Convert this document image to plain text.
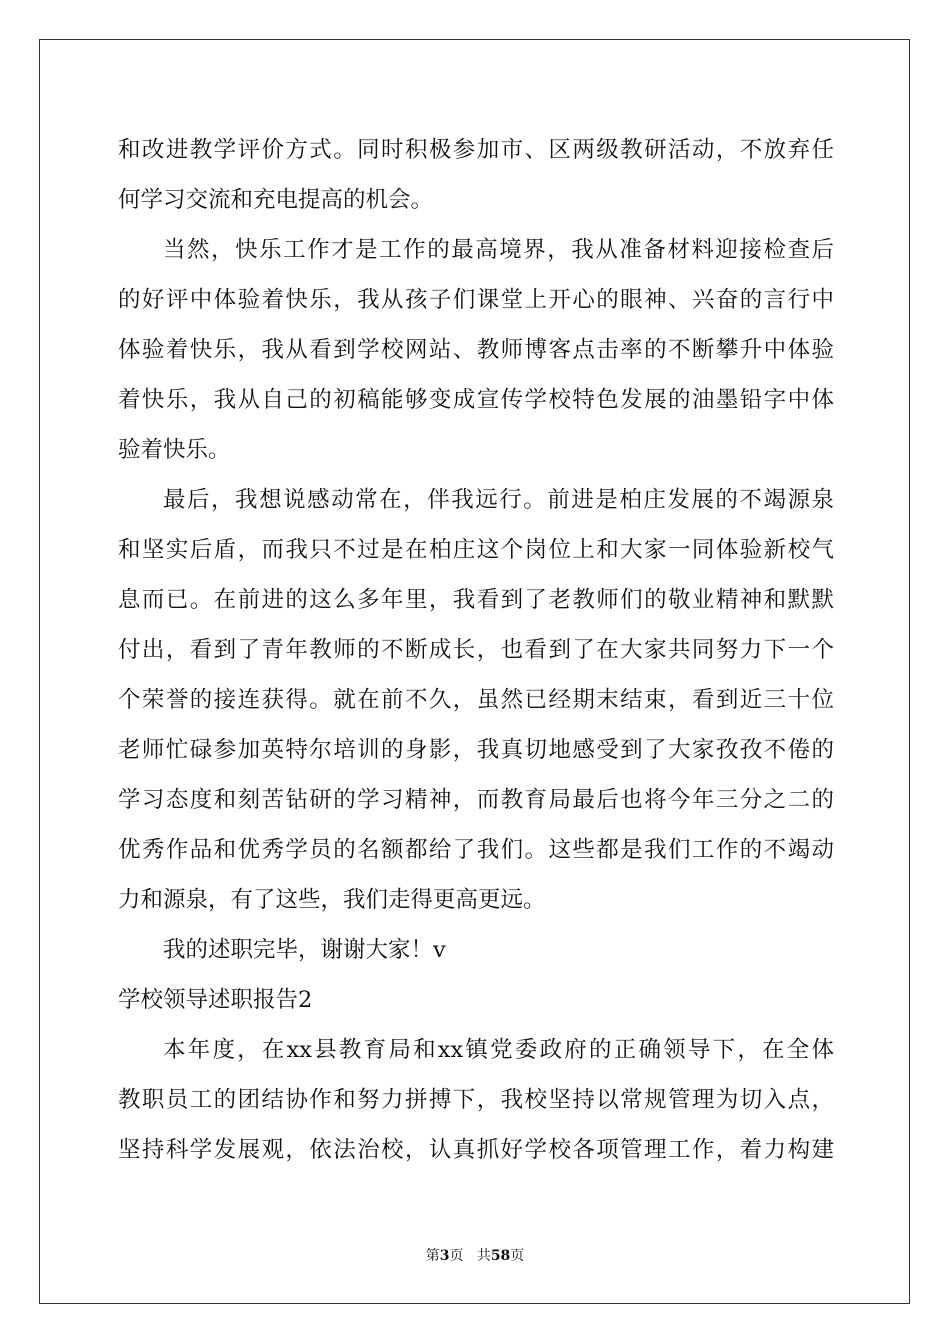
和改进教学评价方式。同时积极参加市、区两级教研活动，不放弃任
何学习交流和充电提高的机会。
当然，快乐工作才是工作的最高境界，我从准备材料迎接检查后
的好评中体验着快乐，我从孩子们课堂上开心的眼神、兴奋的言行中
体验着快乐，我从看到学校网站、教师博客点击率的不断攀升中体验
着快乐，我从自己的初稿能够变成宣传学校特色发展的油墨铅字中体
验着快乐。
最后，我想说感动常在，伴我远行。前进是柏庄发展的不竭源泉
和坚实后盾，而我只不过是在柏庄这个岗位上和大家一同体验新校气
息而已。在前进的这么多年里，我看到了老教师们的敬业精神和默默
付出，看到了青年教师的不断成长，也看到了在大家共同努力下一个
个荣誉的接连获得。就在前不久，虽然已经期末结束，看到近三十位
老师忙碌参加英特尔培训的身影，我真切地感受到了大家孜孜不倦的
学习态度和刻苦钻研的学习精神，而教育局最后也将今年三分之二的
优秀作品和优秀学员的名额都给了我们。这些都是我们工作的不竭动
力和源泉，有了这些，我们走得更高更远。
我的述职完毕，谢谢大家！v
学校领导述职报告2
本年度，在xx县教育局和xx镇党委政府的正确领导下，在全体
教职员工的团结协作和努力拼搏下，我校坚持以常规管理为切入点，
坚持科学发展观，依法治校，认真抓好学校各项管理工作，着力构建
第3页 共58页
